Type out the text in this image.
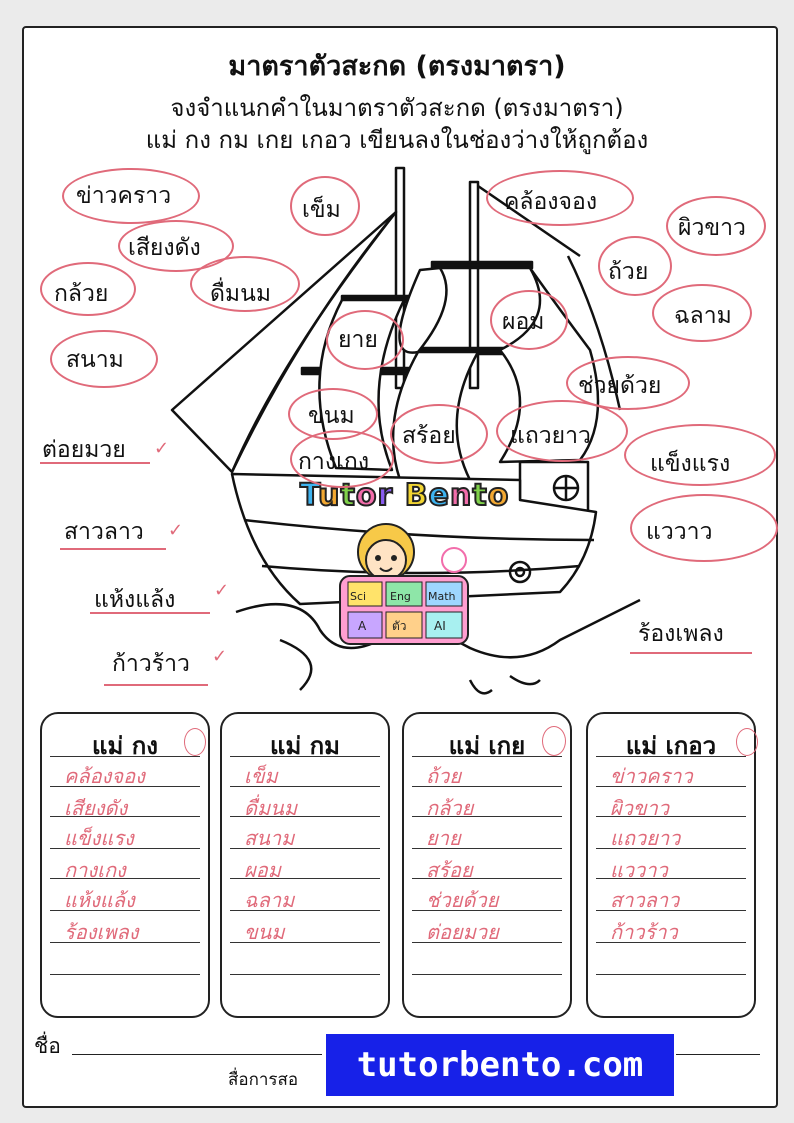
มาตราตัวสะกด (ตรงมาตรา)
จงจำแนกคำในมาตราตัวสะกด (ตรงมาตรา)
แม่ กง กม เกย เกอว เขียนลงในช่องว่างให้ถูกต้อง
Tutor Bento
Eng Math
Sci
ตัว
A	AI
ข่าวคราว
เข็ม	คล้องจอง
ผิวขาว
เสียงดัง
ถ้วย
กล้วย	ดื่มนม
ฉลาม
ผอม
ยาย
สนาม
ช่วยด้วย
ขนม
ต่อยมวย ✓	สร้อย แถวยาว
แข็งแรง
กางเกง
สาวลาว ✓	แววาว
แห้งแล้ง ✓
ร้องเพลง
ก้าวร้าว ✓
แม่ กง
คล้องจอง
เสียงดัง
แข็งแรง
กางเกง
แห้งแล้ง
ร้องเพลง
แม่ กม
เข็ม
ดื่มนม
สนาม
ผอม
ฉลาม
ขนม
แม่ เกย
ถ้วย
กล้วย
ยาย
สร้อย
ช่วยด้วย
ต่อยมวย
แม่ เกอว
ข่าวคราว
ผิวขาว
แถวยาว
แววาว
สาวลาว
ก้าวร้าว
ชื่อ
สื่อการสอ	tutorbento.com
